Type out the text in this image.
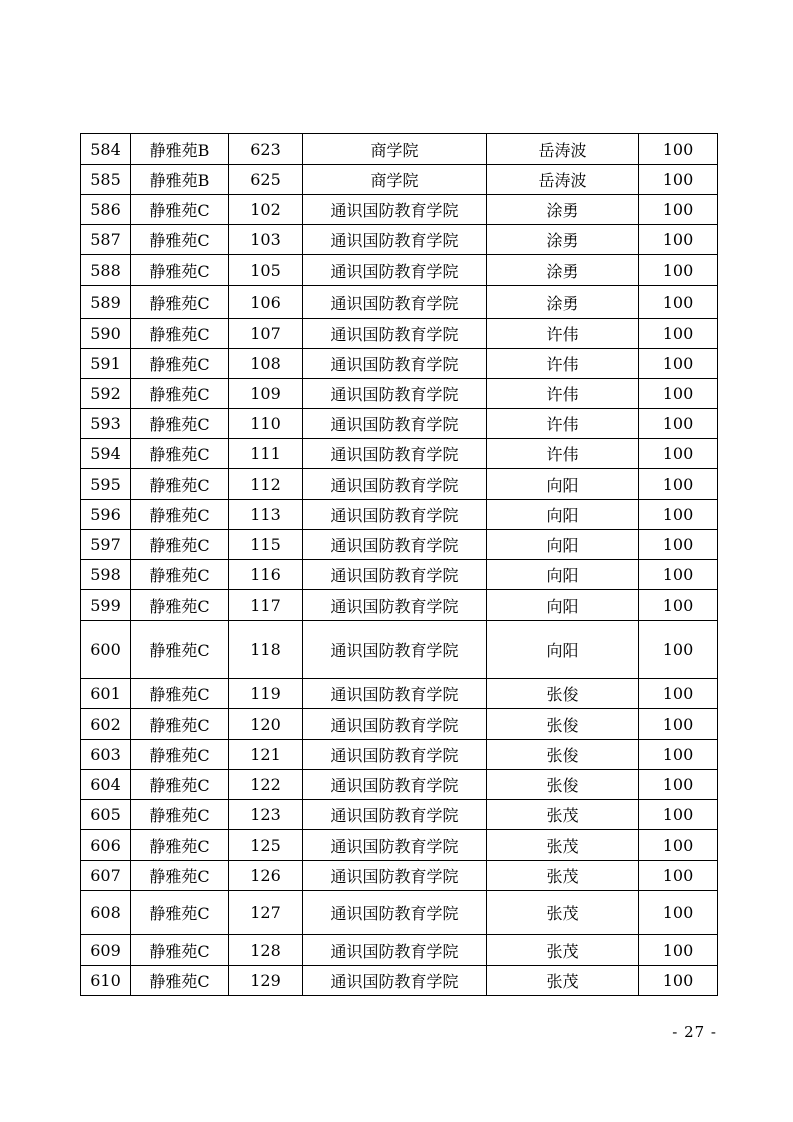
584	静雅苑B	623	商学院	岳涛波	100
585	静雅苑B	625	商学院	岳涛波	100
586	静雅苑C	102	通识国防教育学院	涂勇	100
587	静雅苑C	103	通识国防教育学院	涂勇	100
588	静雅苑C	105	通识国防教育学院	涂勇	100
589	静雅苑C	106	通识国防教育学院	涂勇	100
590	静雅苑C	107	通识国防教育学院	许伟	100
591	静雅苑C	108	通识国防教育学院	许伟	100
592	静雅苑C	109	通识国防教育学院	许伟	100
593	静雅苑C	110	通识国防教育学院	许伟	100
594	静雅苑C	111	通识国防教育学院	许伟	100
595	静雅苑C	112	通识国防教育学院	向阳	100
596	静雅苑C	113	通识国防教育学院	向阳	100
597	静雅苑C	115	通识国防教育学院	向阳	100
598	静雅苑C	116	通识国防教育学院	向阳	100
599	静雅苑C	117	通识国防教育学院	向阳	100
600	静雅苑C	118	通识国防教育学院	向阳	100
601	静雅苑C	119	通识国防教育学院	张俊	100
602	静雅苑C	120	通识国防教育学院	张俊	100
603	静雅苑C	121	通识国防教育学院	张俊	100
604	静雅苑C	122	通识国防教育学院	张俊	100
605	静雅苑C	123	通识国防教育学院	张茂	100
606	静雅苑C	125	通识国防教育学院	张茂	100
607	静雅苑C	126	通识国防教育学院	张茂	100
608	静雅苑C	127	通识国防教育学院	张茂	100
609	静雅苑C	128	通识国防教育学院	张茂	100
610	静雅苑C	129	通识国防教育学院	张茂	100
- 27 -
